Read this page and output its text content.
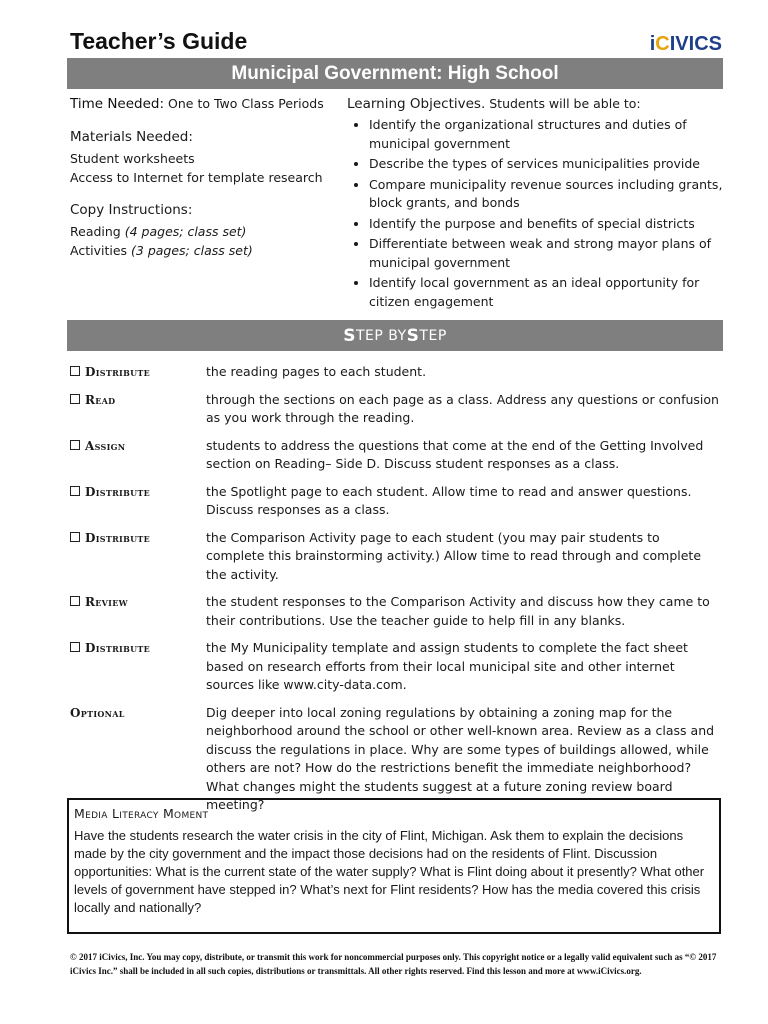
Teacher’s Guide	iCIVICS
Municipal Government: High School
Time Needed: One to Two Class Periods
Materials Needed:
Student worksheets
Access to Internet for template research
Copy Instructions:
Reading (4 pages; class set)
Activities (3 pages; class set)
Learning Objectives. Students will be able to:
• Identify the organizational structures and duties of municipal government
• Describe the types of services municipalities provide
• Compare municipality revenue sources including grants, block grants, and bonds
• Identify the purpose and benefits of special districts
• Differentiate between weak and strong mayor plans of municipal government
• Identify local government as an ideal opportunity for citizen engagement
S TEP BY S TEP
Distribute	the reading pages to each student.
Read	through the sections on each page as a class. Address any questions or confusion as you work through the reading.
Assign	students to address the questions that come at the end of the Getting Involved section on Reading– Side D. Discuss student responses as a class.
Distribute	the Spotlight page to each student. Allow time to read and answer questions. Discuss responses as a class.
Distribute	the Comparison Activity page to each student (you may pair students to complete this brainstorming activity.) Allow time to read through and complete the activity.
Review	the student responses to the Comparison Activity and discuss how they came to their contributions. Use the teacher guide to help fill in any blanks.
Distribute	the My Municipality template and assign students to complete the fact sheet based on research efforts from their local municipal site and other internet sources like www.city-data.com.
Optional	Dig deeper into local zoning regulations by obtaining a zoning map for the neighborhood around the school or other well-known area. Review as a class and discuss the regulations in place. Why are some types of buildings allowed, while others are not? How do the restrictions benefit the immediate neighborhood? What changes might the students suggest at a future zoning review board meeting?
Media Literacy Moment
Have the students research the water crisis in the city of Flint, Michigan. Ask them to explain the decisions made by the city government and the impact those decisions had on the residents of Flint. Discussion opportunities: What is the current state of the water supply? What is Flint doing about it presently? What other levels of government have stepped in? What’s next for Flint residents? How has the media covered this crisis locally and nationally?
© 2017 iCivics, Inc. You may copy, distribute, or transmit this work for noncommercial purposes only. This copyright notice or a legally valid equivalent such as “© 2017 iCivics Inc.” shall be included in all such copies, distributions or transmittals. All other rights reserved. Find this lesson and more at www.iCivics.org.
